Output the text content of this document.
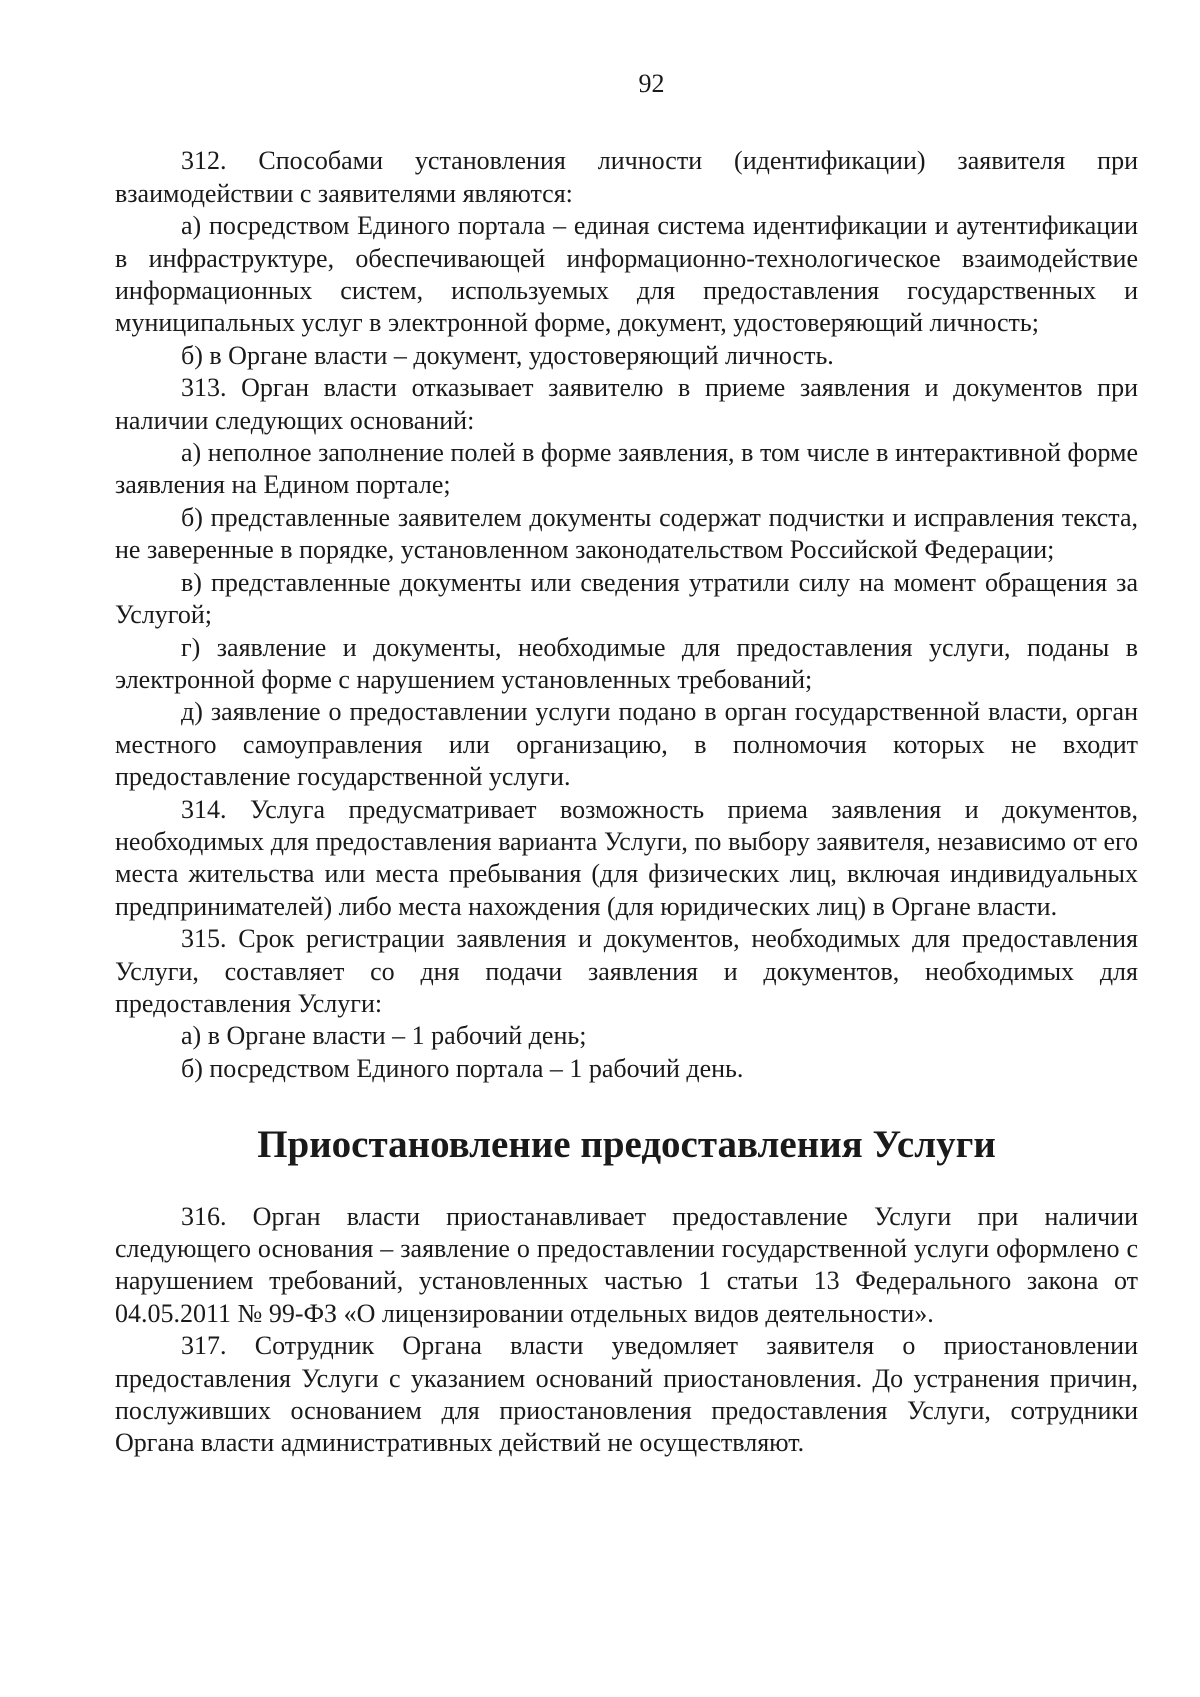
92

312. Способами установления личности (идентификации) заявителя при взаимодействии с заявителями являются:

а) посредством Единого портала – единая система идентификации и аутентификации в инфраструктуре, обеспечивающей информационно-технологическое взаимодействие информационных систем, используемых для предоставления государственных и муниципальных услуг в электронной форме, документ, удостоверяющий личность;

б) в Органе власти – документ, удостоверяющий личность.

313. Орган власти отказывает заявителю в приеме заявления и документов при наличии следующих оснований:

а) неполное заполнение полей в форме заявления, в том числе в интерактивной форме заявления на Едином портале;

б) представленные заявителем документы содержат подчистки и исправления текста, не заверенные в порядке, установленном законодательством Российской Федерации;

в) представленные документы или сведения утратили силу на момент обращения за Услугой;

г) заявление и документы, необходимые для предоставления услуги, поданы в электронной форме с нарушением установленных требований;

д) заявление о предоставлении услуги подано в орган государственной власти, орган местного самоуправления или организацию, в полномочия которых не входит предоставление государственной услуги.

314. Услуга предусматривает возможность приема заявления и документов, необходимых для предоставления варианта Услуги, по выбору заявителя, независимо от его места жительства или места пребывания (для физических лиц, включая индивидуальных предпринимателей) либо места нахождения (для юридических лиц) в Органе власти.

315. Срок регистрации заявления и документов, необходимых для предоставления Услуги, составляет со дня подачи заявления и документов, необходимых для предоставления Услуги:

а) в Органе власти – 1 рабочий день;

б) посредством Единого портала – 1 рабочий день.

Приостановление предоставления Услуги

316. Орган власти приостанавливает предоставление Услуги при наличии следующего основания – заявление о предоставлении государственной услуги оформлено с нарушением требований, установленных частью 1 статьи 13 Федерального закона от 04.05.2011 № 99-ФЗ «О лицензировании отдельных видов деятельности».

317. Сотрудник Органа власти уведомляет заявителя о приостановлении предоставления Услуги с указанием оснований приостановления. До устранения причин, послуживших основанием для приостановления предоставления Услуги, сотрудники Органа власти административных действий не осуществляют.
